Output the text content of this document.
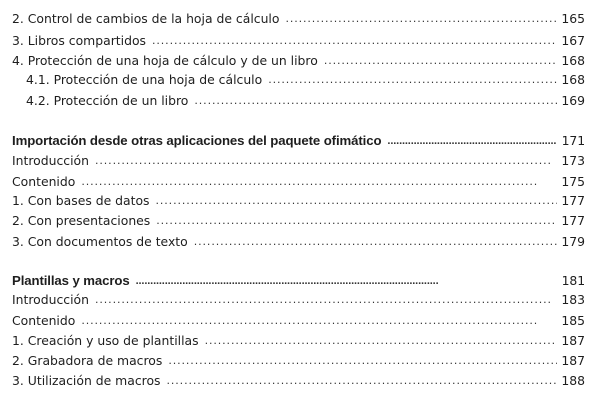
2. Control de cambios de la hoja de cálculo . . .	165
3. Libros compartidos . . .	167
4. Protección de una hoja de cálculo y de un libro . . .	168
4.1. Protección de una hoja de cálculo . . .	168
4.2. Protección de un libro . . .	169
Importación desde otras aplicaciones del paquete ofimático . . .	171
Introducción . . .	173
Contenido . . .	175
1. Con bases de datos . . .	177
2. Con presentaciones . . .	177
3. Con documentos de texto . . .	179
Plantillas y macros . . .	181
Introducción . . .	183
Contenido . . .	185
1. Creación y uso de plantillas . . .	187
2. Grabadora de macros . . .	187
3. Utilización de macros . . .	188
